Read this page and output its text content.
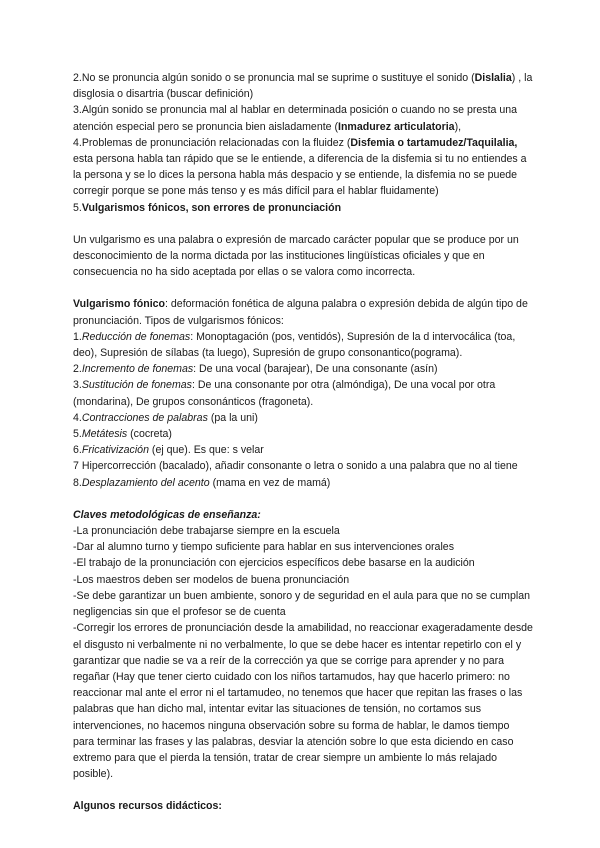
2.No se pronuncia algún sonido o se pronuncia mal se suprime o sustituye el sonido (Dislalia) , la disglosia o disartria (buscar definición)

3.Algún sonido se pronuncia mal al hablar en determinada posición o cuando no se presta una atención especial pero se pronuncia bien aisladamente (Inmadurez articulatoria),

4.Problemas de pronunciación relacionadas con la fluidez (Disfemia o tartamudez/Taquilalia, esta persona habla tan rápido que se le entiende, a diferencia de la disfemia si tu no entiendes a la persona y se lo dices la persona habla más despacio y se entiende, la disfemia no se puede corregir porque se pone más tenso y es más difícil para el hablar fluidamente)

5.Vulgarismos fónicos, son errores de pronunciación

Un vulgarismo es una palabra o expresión de marcado carácter popular que se produce por un desconocimiento de la norma dictada por las instituciones lingüísticas oficiales y que en consecuencia no ha sido aceptada por ellas o se valora como incorrecta.

Vulgarismo fónico: deformación fonética de alguna palabra o expresión debida de algún tipo de pronunciación. Tipos de vulgarismos fónicos:

1.Reducción de fonemas: Monoptagación (pos, ventidós), Supresión de la d intervocálica (toa, deo), Supresión de sílabas (ta luego), Supresión de grupo consonantico(pograma).

2.Incremento de fonemas: De una vocal (barajear), De una consonante (asín)

3.Sustitución de fonemas: De una consonante por otra (almóndiga), De una vocal por otra (mondarina), De grupos consonánticos (fragoneta).

4.Contracciones de palabras (pa la uni)

5.Metátesis (cocreta)

6.Fricativización (ej que). Es que: s velar

7 Hipercorrección (bacalado), añadir consonante o letra o sonido a una palabra que no al tiene

8.Desplazamiento del acento (mama en vez de mamá)

Claves metodológicas de enseñanza:

-La pronunciación debe trabajarse siempre en la escuela

-Dar al alumno turno y tiempo suficiente para hablar en sus intervenciones orales

-El trabajo de la pronunciación con ejercicios específicos debe basarse en la audición

-Los maestros deben ser modelos de buena pronunciación

-Se debe garantizar un buen ambiente, sonoro y de seguridad en el aula para que no se cumplan negligencias sin que el profesor se de cuenta

-Corregir los errores de pronunciación desde la amabilidad, no reaccionar exageradamente desde el disgusto ni verbalmente ni no verbalmente, lo que se debe hacer es intentar repetirlo con el y garantizar que nadie se va a reír de la corrección ya que se corrige para aprender y no para regañar (Hay que tener cierto cuidado con los niños tartamudos, hay que hacerlo primero: no reaccionar mal ante el error ni el tartamudeo, no tenemos que hacer que repitan las frases o las palabras que han dicho mal, intentar evitar las situaciones de tensión, no cortamos sus intervenciones, no hacemos ninguna observación sobre su forma de hablar, le damos tiempo para terminar las frases y las palabras, desviar la atención sobre lo que esta diciendo en caso extremo para que el pierda la tensión, tratar de crear siempre un ambiente lo más relajado posible).

Algunos recursos didácticos:
